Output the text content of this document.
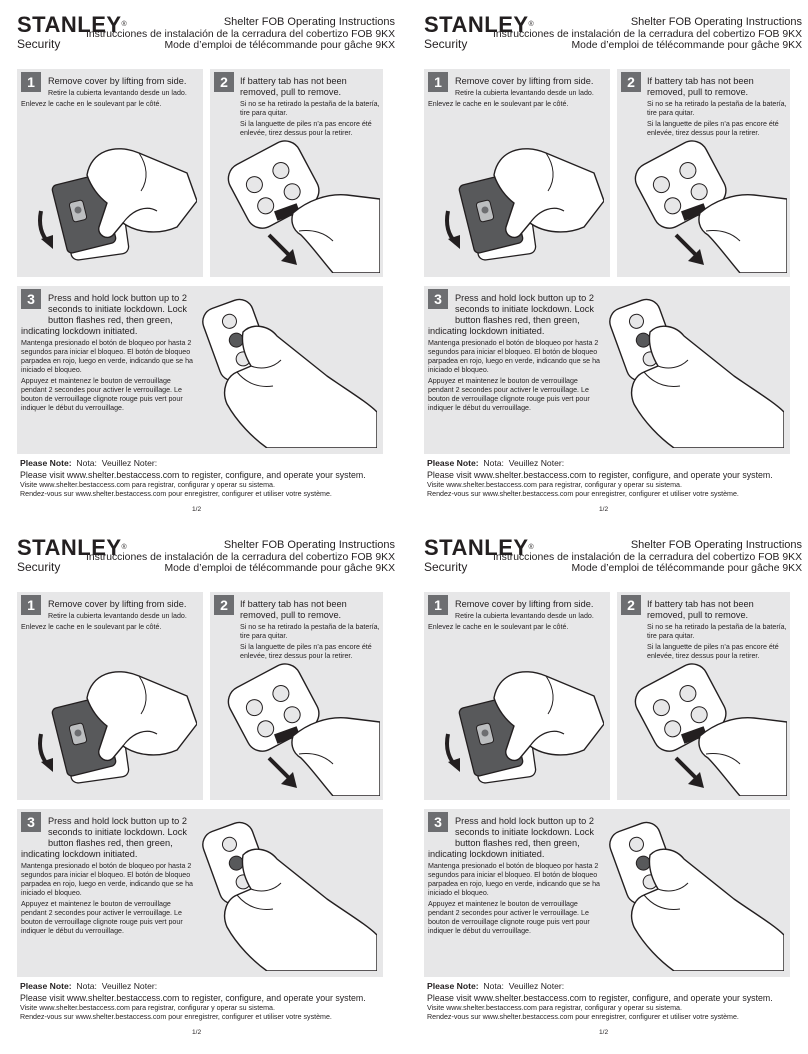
STANLEY®
Security
Shelter FOB Operating Instructions
Instrucciones de instalación de la cerradura del cobertizo FOB 9KX
Mode d’emploi de télécommande pour gâche 9KX
1	Remove cover by lifting from side.
Retire la cubierta levantando desde un lado.
Enlevez le cache en le soulevant par le côté.
2	If battery tab has not been removed, pull to remove.
Si no se ha retirado la pestaña de la batería, tire para quitar.
Si la languette de piles n’a pas encore été enlevée, tirez dessus pour la retirer.
3	Press and hold lock button up to 2 seconds to initiate lockdown. Lock button flashes red, then green,
indicating lockdown initiated.
Mantenga presionado el botón de bloqueo por hasta 2 segundos para iniciar el bloqueo. El botón de bloqueo parpadea en rojo, luego en verde, indicando que se ha iniciado el bloqueo.
Appuyez et maintenez le bouton de verrouillage pendant 2 secondes pour activer le verrouillage. Le bouton de verrouillage clignote rouge puis vert pour indiquer le début du verrouillage.
Please Note: Nota: Veuillez Noter:
Please visit www.shelter.bestaccess.com to register, configure, and operate your system.
Visite www.shelter.bestaccess.com para registrar, configurar y operar su sistema.
Rendez-vous sur www.shelter.bestaccess.com pour enregistrer, configurer et utiliser votre système.
1/2
STANLEY®
Security
Shelter FOB Operating Instructions
Instrucciones de instalación de la cerradura del cobertizo FOB 9KX
Mode d’emploi de télécommande pour gâche 9KX
1	Remove cover by lifting from side.
Retire la cubierta levantando desde un lado.
Enlevez le cache en le soulevant par le côté.
2	If battery tab has not been removed, pull to remove.
Si no se ha retirado la pestaña de la batería, tire para quitar.
Si la languette de piles n’a pas encore été enlevée, tirez dessus pour la retirer.
3	Press and hold lock button up to 2 seconds to initiate lockdown. Lock button flashes red, then green,
indicating lockdown initiated.
Mantenga presionado el botón de bloqueo por hasta 2 segundos para iniciar el bloqueo. El botón de bloqueo parpadea en rojo, luego en verde, indicando que se ha iniciado el bloqueo.
Appuyez et maintenez le bouton de verrouillage pendant 2 secondes pour activer le verrouillage. Le bouton de verrouillage clignote rouge puis vert pour indiquer le début du verrouillage.
Please Note: Nota: Veuillez Noter:
Please visit www.shelter.bestaccess.com to register, configure, and operate your system.
Visite www.shelter.bestaccess.com para registrar, configurar y operar su sistema.
Rendez-vous sur www.shelter.bestaccess.com pour enregistrer, configurer et utiliser votre système.
1/2
STANLEY®
Security
Shelter FOB Operating Instructions
Instrucciones de instalación de la cerradura del cobertizo FOB 9KX
Mode d’emploi de télécommande pour gâche 9KX
1	Remove cover by lifting from side.
Retire la cubierta levantando desde un lado.
Enlevez le cache en le soulevant par le côté.
2	If battery tab has not been removed, pull to remove.
Si no se ha retirado la pestaña de la batería, tire para quitar.
Si la languette de piles n’a pas encore été enlevée, tirez dessus pour la retirer.
3	Press and hold lock button up to 2 seconds to initiate lockdown. Lock button flashes red, then green,
indicating lockdown initiated.
Mantenga presionado el botón de bloqueo por hasta 2 segundos para iniciar el bloqueo. El botón de bloqueo parpadea en rojo, luego en verde, indicando que se ha iniciado el bloqueo.
Appuyez et maintenez le bouton de verrouillage pendant 2 secondes pour activer le verrouillage. Le bouton de verrouillage clignote rouge puis vert pour indiquer le début du verrouillage.
Please Note: Nota: Veuillez Noter:
Please visit www.shelter.bestaccess.com to register, configure, and operate your system.
Visite www.shelter.bestaccess.com para registrar, configurar y operar su sistema.
Rendez-vous sur www.shelter.bestaccess.com pour enregistrer, configurer et utiliser votre système.
1/2
STANLEY®
Security
Shelter FOB Operating Instructions
Instrucciones de instalación de la cerradura del cobertizo FOB 9KX
Mode d’emploi de télécommande pour gâche 9KX
1	Remove cover by lifting from side.
Retire la cubierta levantando desde un lado.
Enlevez le cache en le soulevant par le côté.
2	If battery tab has not been removed, pull to remove.
Si no se ha retirado la pestaña de la batería, tire para quitar.
Si la languette de piles n’a pas encore été enlevée, tirez dessus pour la retirer.
3	Press and hold lock button up to 2 seconds to initiate lockdown. Lock button flashes red, then green,
indicating lockdown initiated.
Mantenga presionado el botón de bloqueo por hasta 2 segundos para iniciar el bloqueo. El botón de bloqueo parpadea en rojo, luego en verde, indicando que se ha iniciado el bloqueo.
Appuyez et maintenez le bouton de verrouillage pendant 2 secondes pour activer le verrouillage. Le bouton de verrouillage clignote rouge puis vert pour indiquer le début du verrouillage.
Please Note: Nota: Veuillez Noter:
Please visit www.shelter.bestaccess.com to register, configure, and operate your system.
Visite www.shelter.bestaccess.com para registrar, configurar y operar su sistema.
Rendez-vous sur www.shelter.bestaccess.com pour enregistrer, configurer et utiliser votre système.
1/2
